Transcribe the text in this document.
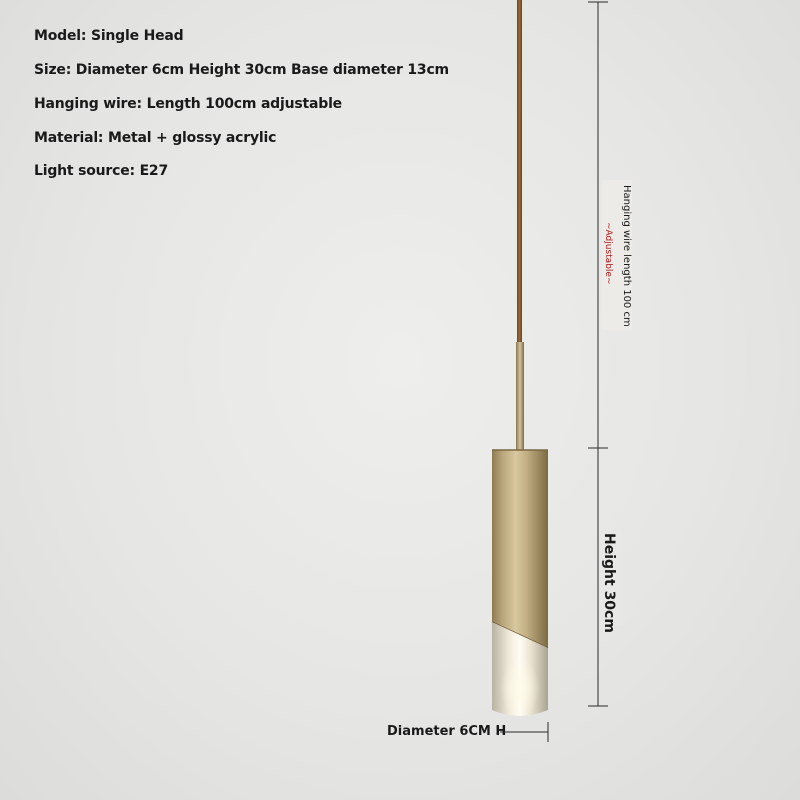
Model: Single Head
Size: Diameter 6cm Height 30cm Base diameter 13cm
Hanging wire: Length 100cm adjustable
Material: Metal + glossy acrylic
Light source: E27
Hanging wire length 100 cm
~Adjustable~
Height 30cm
Diameter 6CM H
